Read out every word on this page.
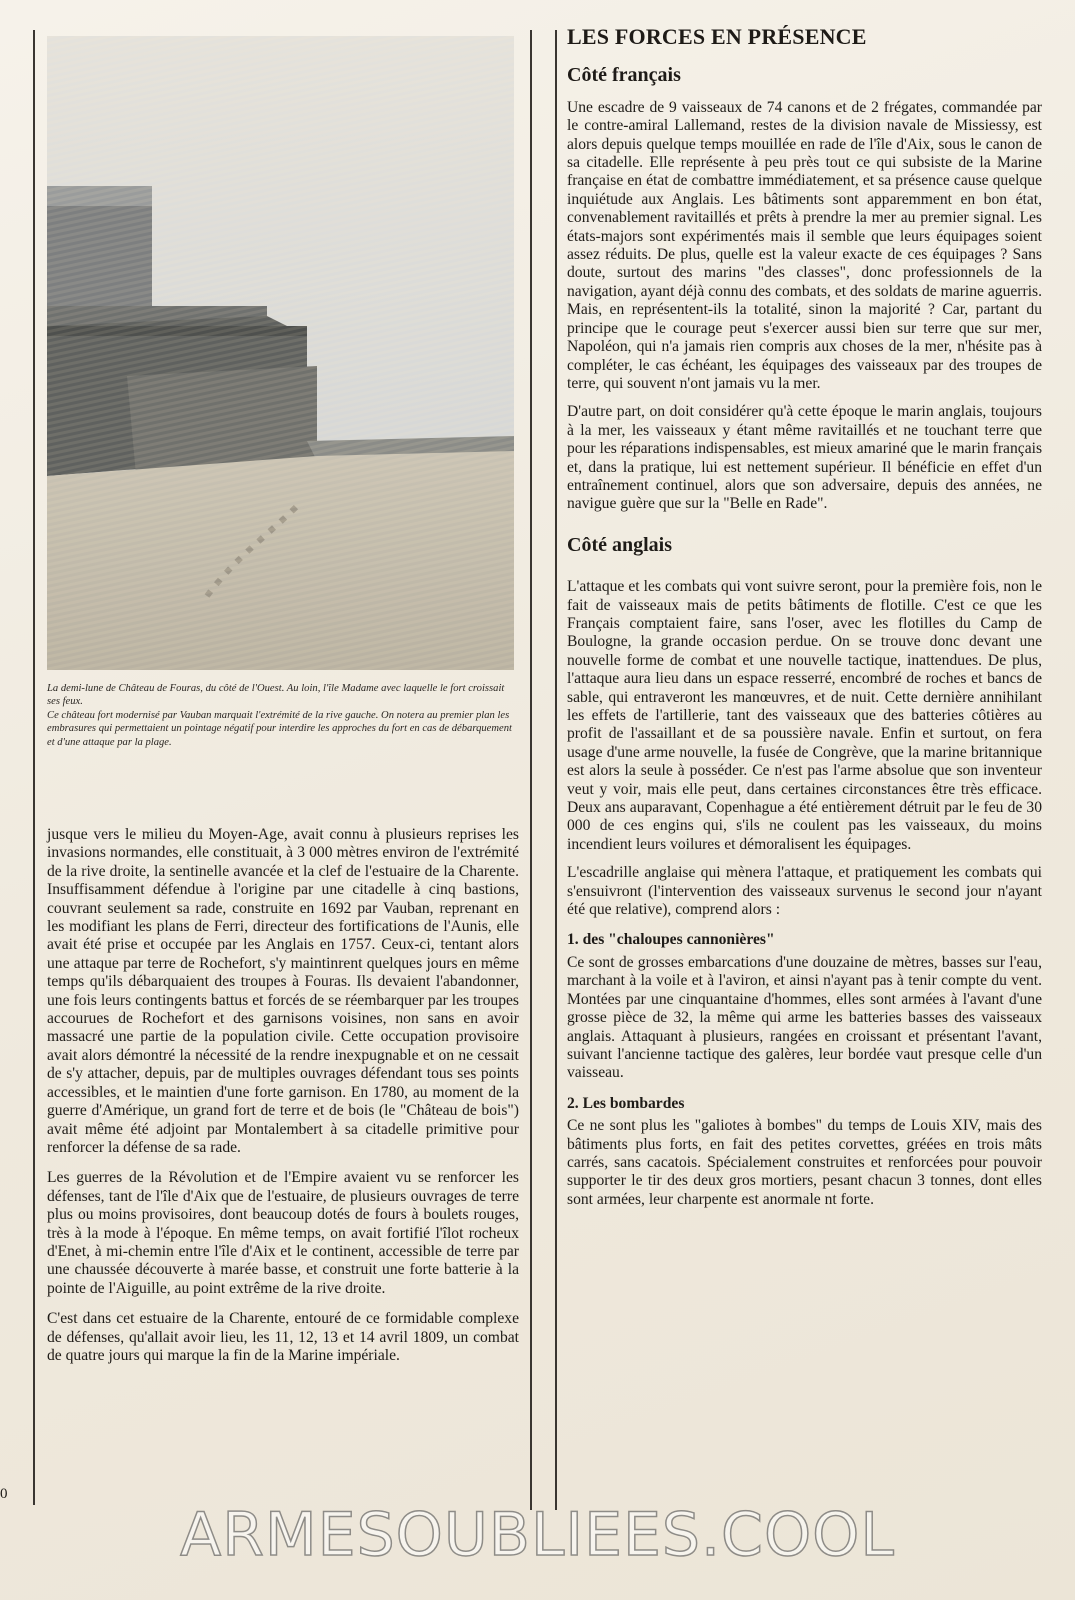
La demi-lune de Château de Fouras, du côté de l'Ouest. Au loin, l'île Madame avec laquelle le fort croissait ses feux.

Ce château fort modernisé par Vauban marquait l'extrémité de la rive gauche. On notera au premier plan les embrasures qui permettaient un pointage négatif pour interdire les approches du fort en cas de débarquement et d'une attaque par la plage.

jusque vers le milieu du Moyen-Age, avait connu à plusieurs reprises les invasions normandes, elle constituait, à 3 000 mètres environ de l'extrémité de la rive droite, la sentinelle avancée et la clef de l'estuaire de la Charente. Insuffisamment défendue à l'origine par une citadelle à cinq bastions, couvrant seulement sa rade, construite en 1692 par Vauban, reprenant en les modifiant les plans de Ferri, directeur des fortifications de l'Aunis, elle avait été prise et occupée par les Anglais en 1757. Ceux-ci, tentant alors une attaque par terre de Rochefort, s'y maintinrent quelques jours en même temps qu'ils débarquaient des troupes à Fouras. Ils devaient l'abandonner, une fois leurs contingents battus et forcés de se réembarquer par les troupes accourues de Rochefort et des garnisons voisines, non sans en avoir massacré une partie de la population civile. Cette occupation provisoire avait alors démontré la nécessité de la rendre inexpugnable et on ne cessait de s'y attacher, depuis, par de multiples ouvrages défendant tous ses points accessibles, et le maintien d'une forte garnison. En 1780, au moment de la guerre d'Amérique, un grand fort de terre et de bois (le "Château de bois") avait même été adjoint par Montalembert à sa citadelle primitive pour renforcer la défense de sa rade.

Les guerres de la Révolution et de l'Empire avaient vu se renforcer les défenses, tant de l'île d'Aix que de l'estuaire, de plusieurs ouvrages de terre plus ou moins provisoires, dont beaucoup dotés de fours à boulets rouges, très à la mode à l'époque. En même temps, on avait fortifié l'îlot rocheux d'Enet, à mi-chemin entre l'île d'Aix et le continent, accessible de terre par une chaussée découverte à marée basse, et construit une forte batterie à la pointe de l'Aiguille, au point extrême de la rive droite.

C'est dans cet estuaire de la Charente, entouré de ce formidable complexe de défenses, qu'allait avoir lieu, les 11, 12, 13 et 14 avril 1809, un combat de quatre jours qui marque la fin de la Marine impériale.

LES FORCES EN PRÉSENCE
Côté français

Une escadre de 9 vaisseaux de 74 canons et de 2 frégates, commandée par le contre-amiral Lallemand, restes de la division navale de Missiessy, est alors depuis quelque temps mouillée en rade de l'île d'Aix, sous le canon de sa citadelle. Elle représente à peu près tout ce qui subsiste de la Marine française en état de combattre immédiatement, et sa présence cause quelque inquiétude aux Anglais. Les bâtiments sont apparemment en bon état, convenablement ravitaillés et prêts à prendre la mer au premier signal. Les états-majors sont expérimentés mais il semble que leurs équipages soient assez réduits. De plus, quelle est la valeur exacte de ces équipages ? Sans doute, surtout des marins "des classes", donc professionnels de la navigation, ayant déjà connu des combats, et des soldats de marine aguerris. Mais, en représentent-ils la totalité, sinon la majorité ? Car, partant du principe que le courage peut s'exercer aussi bien sur terre que sur mer, Napoléon, qui n'a jamais rien compris aux choses de la mer, n'hésite pas à compléter, le cas échéant, les équipages des vaisseaux par des troupes de terre, qui souvent n'ont jamais vu la mer.

D'autre part, on doit considérer qu'à cette époque le marin anglais, toujours à la mer, les vaisseaux y étant même ravitaillés et ne touchant terre que pour les réparations indispensables, est mieux amariné que le marin français et, dans la pratique, lui est nettement supérieur. Il bénéficie en effet d'un entraînement continuel, alors que son adversaire, depuis des années, ne navigue guère que sur la "Belle en Rade".

Côté anglais

L'attaque et les combats qui vont suivre seront, pour la première fois, non le fait de vaisseaux mais de petits bâtiments de flotille. C'est ce que les Français comptaient faire, sans l'oser, avec les flotilles du Camp de Boulogne, la grande occasion perdue. On se trouve donc devant une nouvelle forme de combat et une nouvelle tactique, inattendues. De plus, l'attaque aura lieu dans un espace resserré, encombré de roches et bancs de sable, qui entraveront les manœuvres, et de nuit. Cette dernière annihilant les effets de l'artillerie, tant des vaisseaux que des batteries côtières au profit de l'assaillant et de sa poussière navale. Enfin et surtout, on fera usage d'une arme nouvelle, la fusée de Congrève, que la marine britannique est alors la seule à posséder. Ce n'est pas l'arme absolue que son inventeur veut y voir, mais elle peut, dans certaines circonstances être très efficace. Deux ans auparavant, Copenhague a été entièrement détruit par le feu de 30 000 de ces engins qui, s'ils ne coulent pas les vaisseaux, du moins incendient leurs voilures et démoralisent les équipages.

L'escadrille anglaise qui mènera l'attaque, et pratiquement les combats qui s'ensuivront (l'intervention des vaisseaux survenus le second jour n'ayant été que relative), comprend alors :

1. des "chaloupes cannonières"

Ce sont de grosses embarcations d'une douzaine de mètres, basses sur l'eau, marchant à la voile et à l'aviron, et ainsi n'ayant pas à tenir compte du vent. Montées par une cinquantaine d'hommes, elles sont armées à l'avant d'une grosse pièce de 32, la même qui arme les batteries basses des vaisseaux anglais. Attaquant à plusieurs, rangées en croissant et présentant l'avant, suivant l'ancienne tactique des galères, leur bordée vaut presque celle d'un vaisseau.

2. Les bombardes

Ce ne sont plus les "galiotes à bombes" du temps de Louis XIV, mais des bâtiments plus forts, en fait des petites corvettes, gréées en trois mâts carrés, sans cacatois. Spécialement construites et renforcées pour pouvoir supporter le tir des deux gros mortiers, pesant chacun 3 tonnes, dont elles sont armées, leur charpente est anormale nt forte.

0
ARMESOUBLIEES.COOL
